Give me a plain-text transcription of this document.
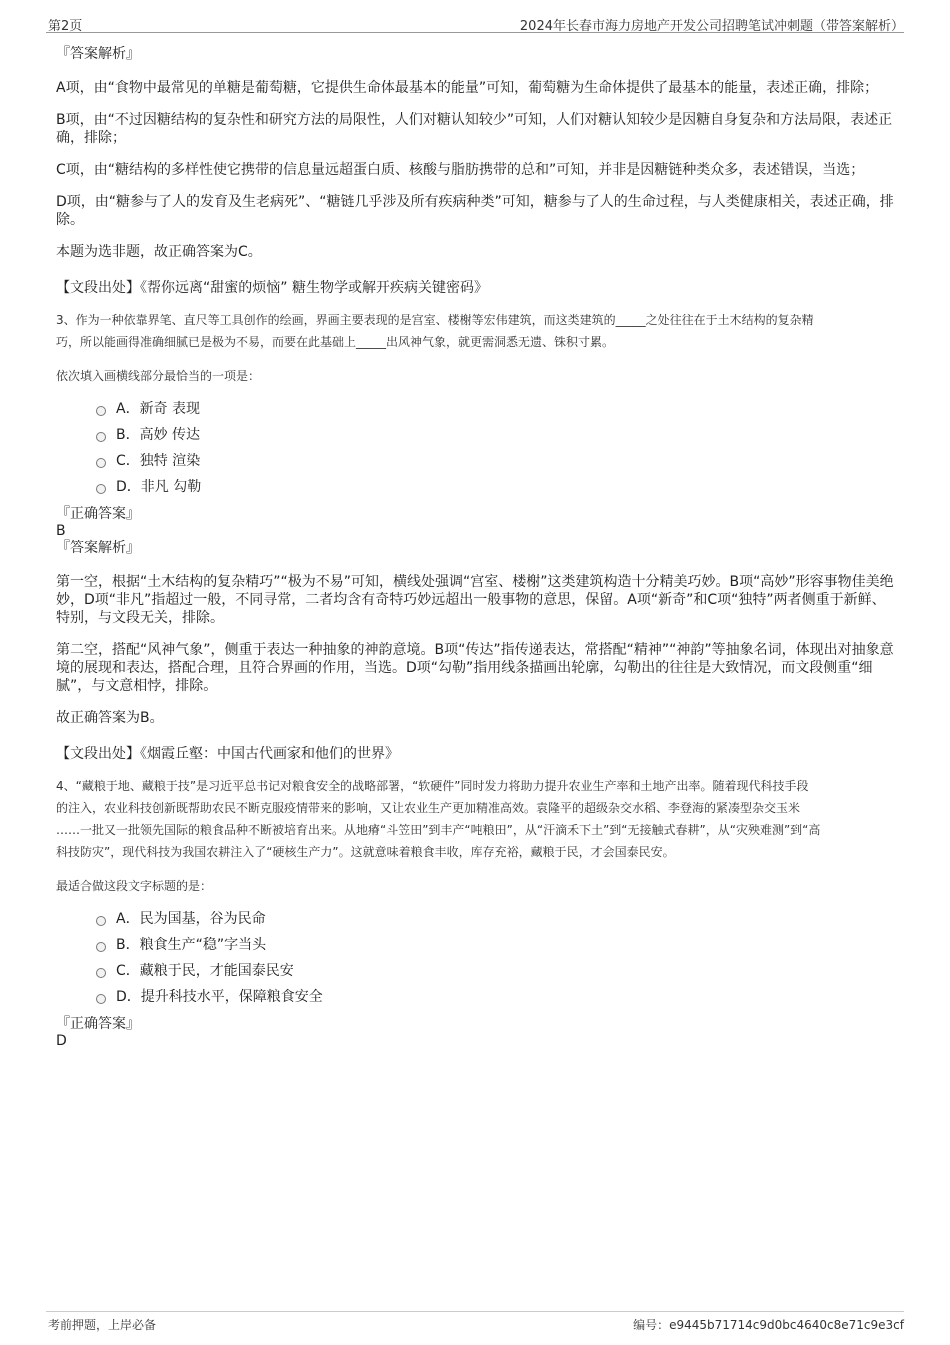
第2页	2024年长春市海力房地产开发公司招聘笔试冲刺题（带答案解析）
『答案解析』
A项，由“食物中最常见的单糖是葡萄糖，它提供生命体最基本的能量”可知，葡萄糖为生命体提供了最基本的能量，表述正确，排除；
B项，由“不过因糖结构的复杂性和研究方法的局限性，人们对糖认知较少”可知，人们对糖认知较少是因糖自身复杂和方法局限，表述正确，排除；
C项，由“糖结构的多样性使它携带的信息量远超蛋白质、核酸与脂肪携带的总和”可知，并非是因糖链种类众多，表述错误，当选；
D项，由“糖参与了人的发育及生老病死”、“糖链几乎涉及所有疾病种类”可知，糖参与了人的生命过程，与人类健康相关，表述正确，排除。
本题为选非题，故正确答案为C。
【文段出处】《帮你远离“甜蜜的烦恼” 糖生物学或解开疾病关键密码》
3、作为一种依靠界笔、直尺等工具创作的绘画，界画主要表现的是宫室、楼榭等宏伟建筑，而这类建筑的_____之处往往在于土木结构的复杂精
巧，所以能画得准确细腻已是极为不易，而要在此基础上_____出风神气象，就更需洞悉无遗、铢积寸累。
依次填入画横线部分最恰当的一项是：
A．新奇 表现
B．高妙 传达
C．独特 渲染
D．非凡 勾勒
『正确答案』
B
『答案解析』
第一空，根据“土木结构的复杂精巧”“极为不易”可知，横线处强调“宫室、楼榭”这类建筑构造十分精美巧妙。B项“高妙”形容事物佳美绝妙，D项“非凡”指超过一般，不同寻常，二者均含有奇特巧妙远超出一般事物的意思，保留。A项“新奇”和C项“独特”两者侧重于新鲜、特别，与文段无关，排除。
第二空，搭配“风神气象”，侧重于表达一种抽象的神韵意境。B项“传达”指传递表达，常搭配“精神”“神韵”等抽象名词，体现出对抽象意境的展现和表达，搭配合理，且符合界画的作用，当选。D项“勾勒”指用线条描画出轮廓，勾勒出的往往是大致情况，而文段侧重“细腻”，与文意相悖，排除。
故正确答案为B。
【文段出处】《烟霞丘壑：中国古代画家和他们的世界》
4、“藏粮于地、藏粮于技”是习近平总书记对粮食安全的战略部署，“软硬件”同时发力将助力提升农业生产率和土地产出率。随着现代科技手段
的注入，农业科技创新既帮助农民不断克服疫情带来的影响，又让农业生产更加精准高效。袁隆平的超级杂交水稻、李登海的紧凑型杂交玉米
……一批又一批领先国际的粮食品种不断被培育出来。从地瘠“斗笠田”到丰产“吨粮田”，从“汗滴禾下土”到“无接触式春耕”，从“灾殃难测”到“高
科技防灾”，现代科技为我国农耕注入了“硬核生产力”。这就意味着粮食丰收，库存充裕，藏粮于民，才会国泰民安。
最适合做这段文字标题的是：
A．民为国基，谷为民命
B．粮食生产“稳”字当头
C．藏粮于民，才能国泰民安
D．提升科技水平，保障粮食安全
『正确答案』
D
考前押题，上岸必备	编号：e9445b71714c9d0bc4640c8e71c9e3cf
